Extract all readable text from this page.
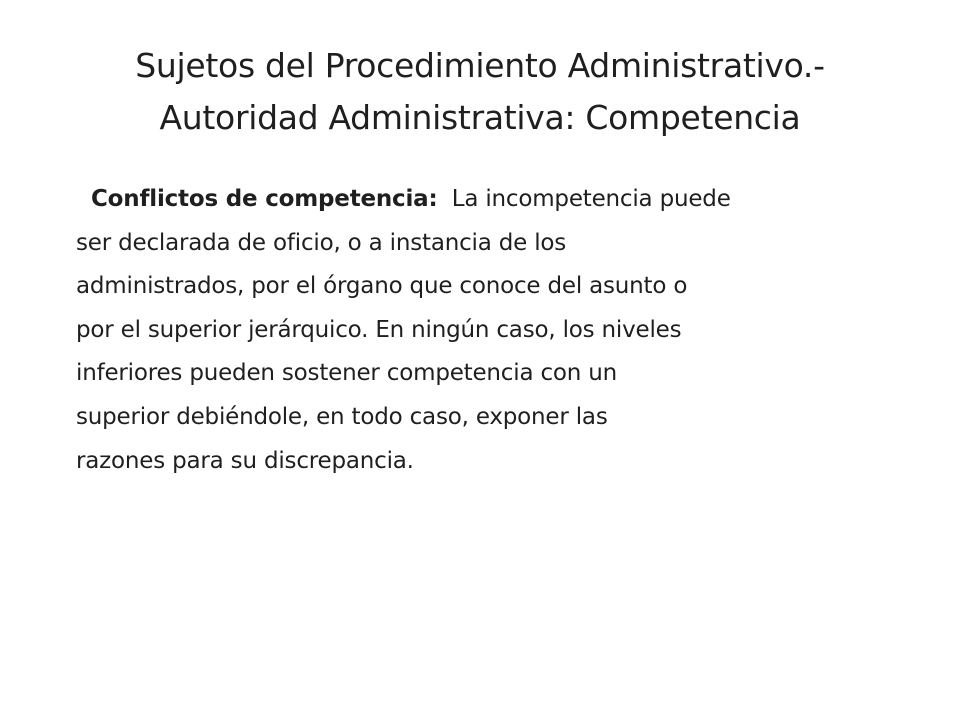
Sujetos del Procedimiento Administrativo.-
Autoridad Administrativa: Competencia
Conflictos de competencia:  La incompetencia puede
ser declarada de oficio, o a instancia de los
administrados, por el órgano que conoce del asunto o
por el superior jerárquico. En ningún caso, los niveles
inferiores pueden sostener competencia con un
superior debiéndole, en todo caso, exponer las
razones para su discrepancia.
